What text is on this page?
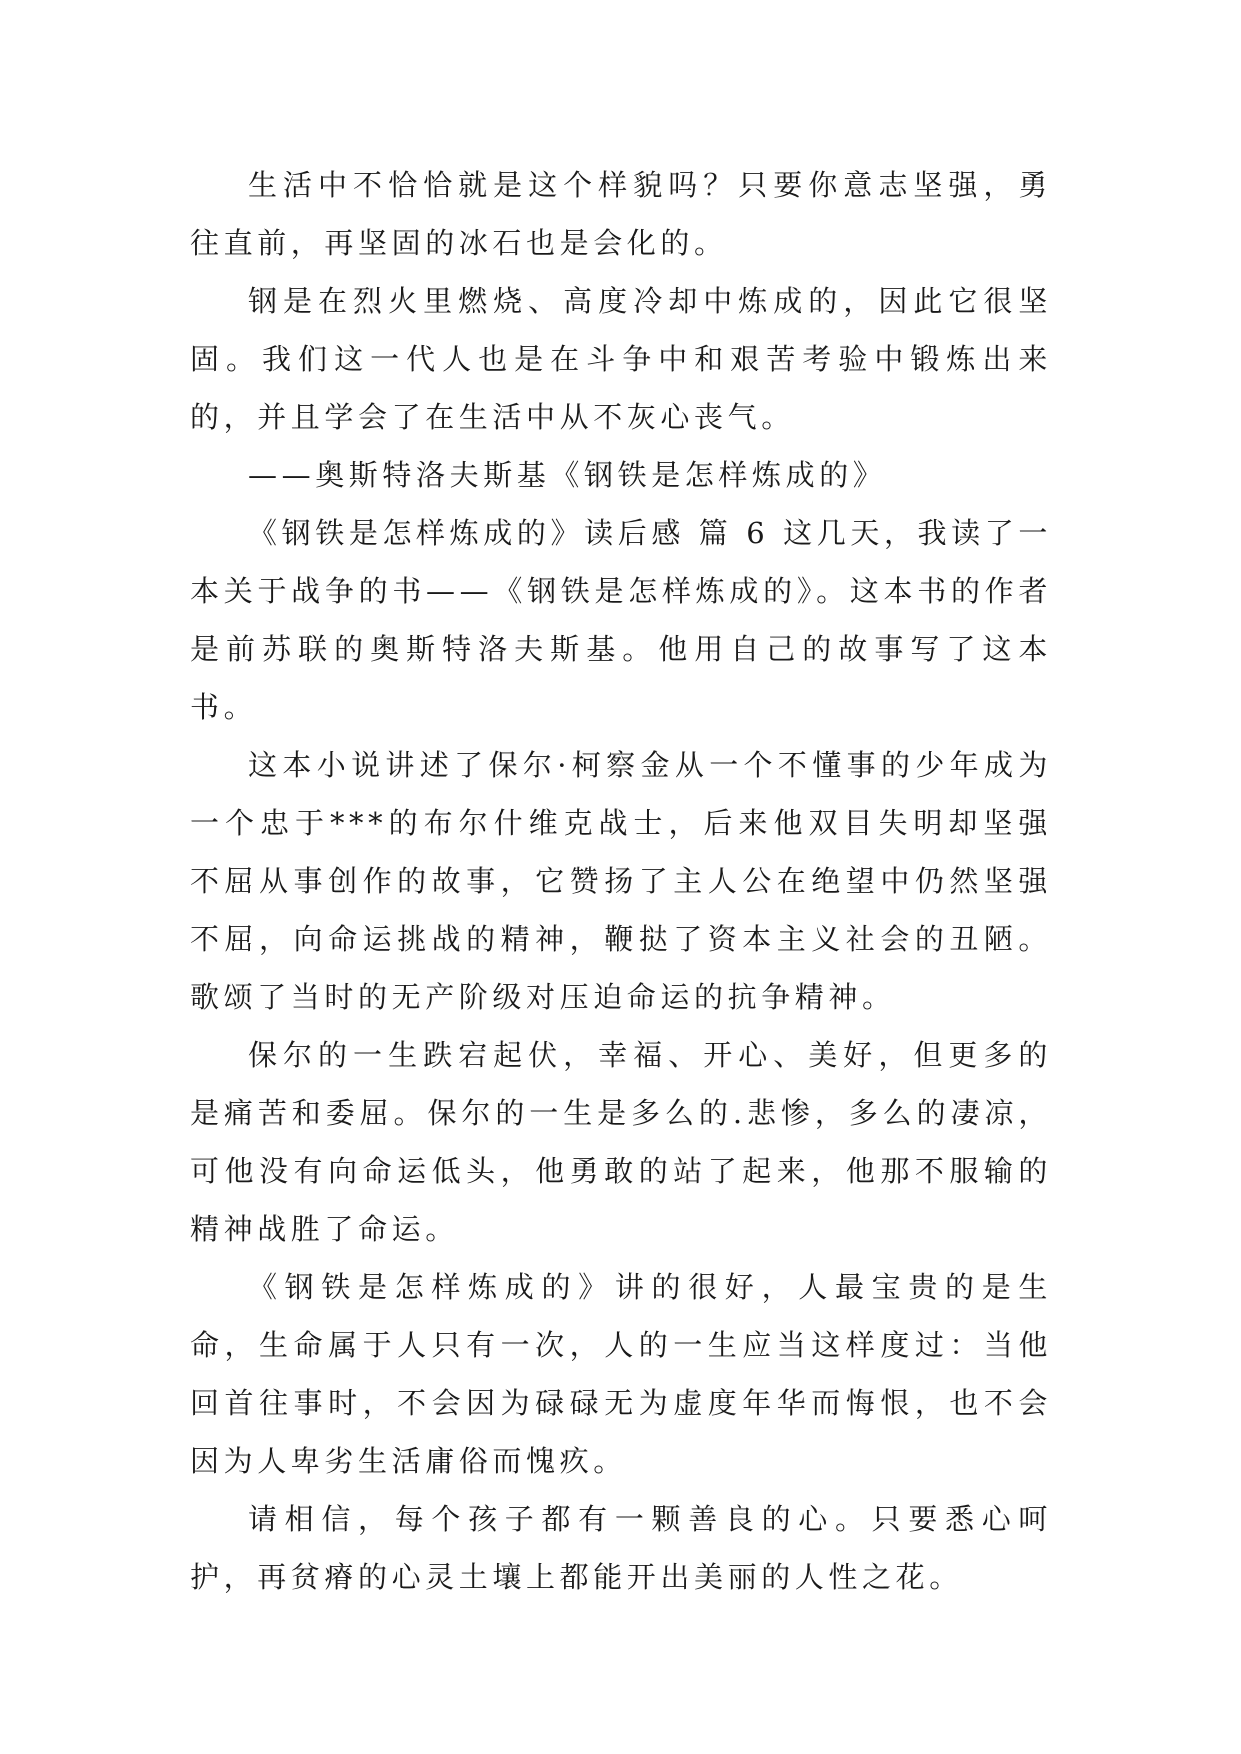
生活中不恰恰就是这个样貌吗？只要你意志坚强，勇往直前，再坚固的冰石也是会化的。

钢是在烈火里燃烧、高度冷却中炼成的，因此它很坚固。我们这一代人也是在斗争中和艰苦考验中锻炼出来的，并且学会了在生活中从不灰心丧气。

——奥斯特洛夫斯基《钢铁是怎样炼成的》

《钢铁是怎样炼成的》读后感 篇 6 这几天，我读了一本关于战争的书——《钢铁是怎样炼成的》。这本书的作者是前苏联的奥斯特洛夫斯基。他用自己的故事写了这本书。

这本小说讲述了保尔·柯察金从一个不懂事的少年成为一个忠于***的布尔什维克战士，后来他双目失明却坚强不屈从事创作的故事，它赞扬了主人公在绝望中仍然坚强不屈，向命运挑战的精神，鞭挞了资本主义社会的丑陋。歌颂了当时的无产阶级对压迫命运的抗争精神。

保尔的一生跌宕起伏，幸福、开心、美好，但更多的是痛苦和委屈。保尔的一生是多么的.悲惨，多么的凄凉，可他没有向命运低头，他勇敢的站了起来，他那不服输的精神战胜了命运。

《钢铁是怎样炼成的》讲的很好，人最宝贵的是生命，生命属于人只有一次，人的一生应当这样度过：当他回首往事时，不会因为碌碌无为虚度年华而悔恨，也不会因为人卑劣生活庸俗而愧疚。

请相信，每个孩子都有一颗善良的心。只要悉心呵护，再贫瘠的心灵土壤上都能开出美丽的人性之花。
